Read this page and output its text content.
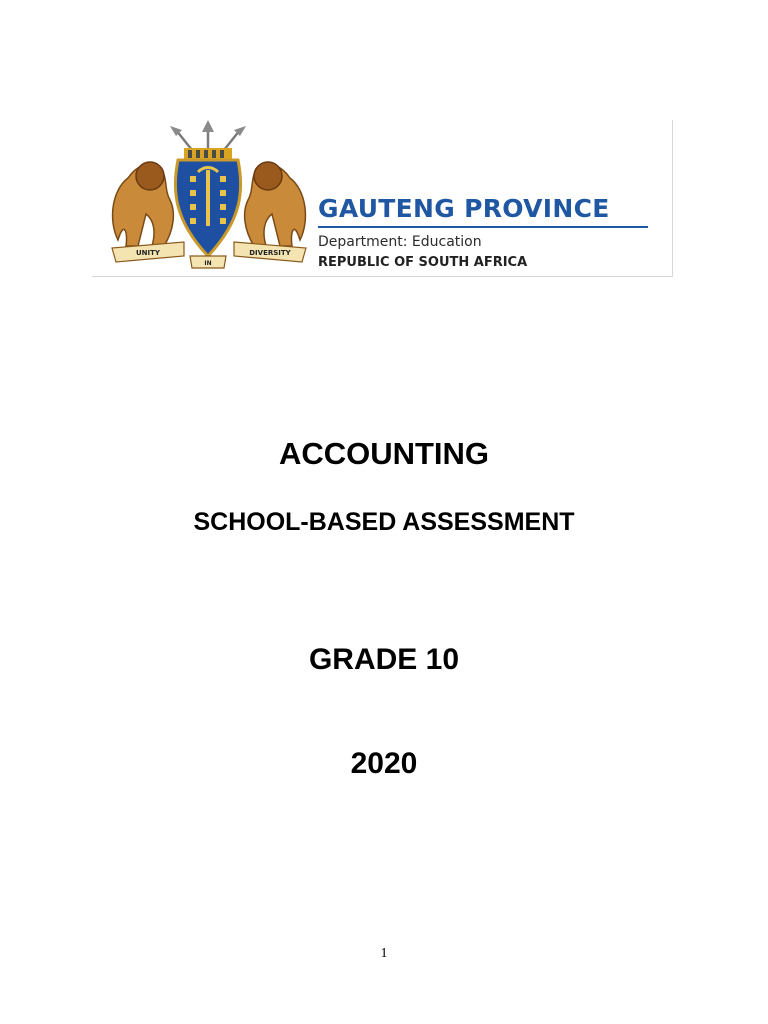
UNITY
IN
DIVERSITY
GAUTENG PROVINCE
Department: Education
REPUBLIC OF SOUTH AFRICA
ACCOUNTING
SCHOOL-BASED ASSESSMENT
GRADE 10
2020
1
